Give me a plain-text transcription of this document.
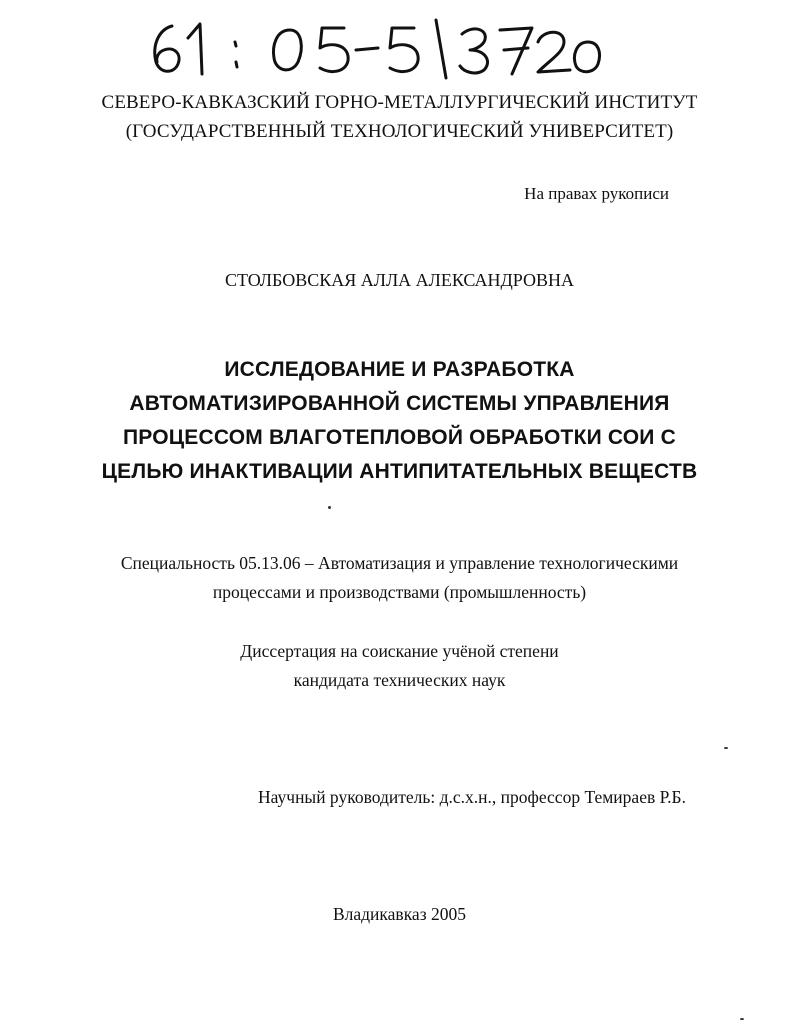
СЕВЕРО-КАВКАЗСКИЙ ГОРНО-МЕТАЛЛУРГИЧЕСКИЙ ИНСТИТУТ
(ГОСУДАРСТВЕННЫЙ ТЕХНОЛОГИЧЕСКИЙ УНИВЕРСИТЕТ)
На правах рукописи
СТОЛБОВСКАЯ АЛЛА АЛЕКСАНДРОВНА
ИССЛЕДОВАНИЕ И РАЗРАБОТКА
АВТОМАТИЗИРОВАННОЙ СИСТЕМЫ УПРАВЛЕНИЯ
ПРОЦЕССОМ ВЛАГОТЕПЛОВОЙ ОБРАБОТКИ СОИ С
ЦЕЛЬЮ ИНАКТИВАЦИИ АНТИПИТАТЕЛЬНЫХ ВЕЩЕСТВ
Специальность 05.13.06 – Автоматизация и управление технологическими
процессами и производствами (промышленность)
Диссертация на соискание учёной степени
кандидата технических наук
Научный руководитель: д.с.х.н., профессор Темираев Р.Б.
Владикавказ 2005
